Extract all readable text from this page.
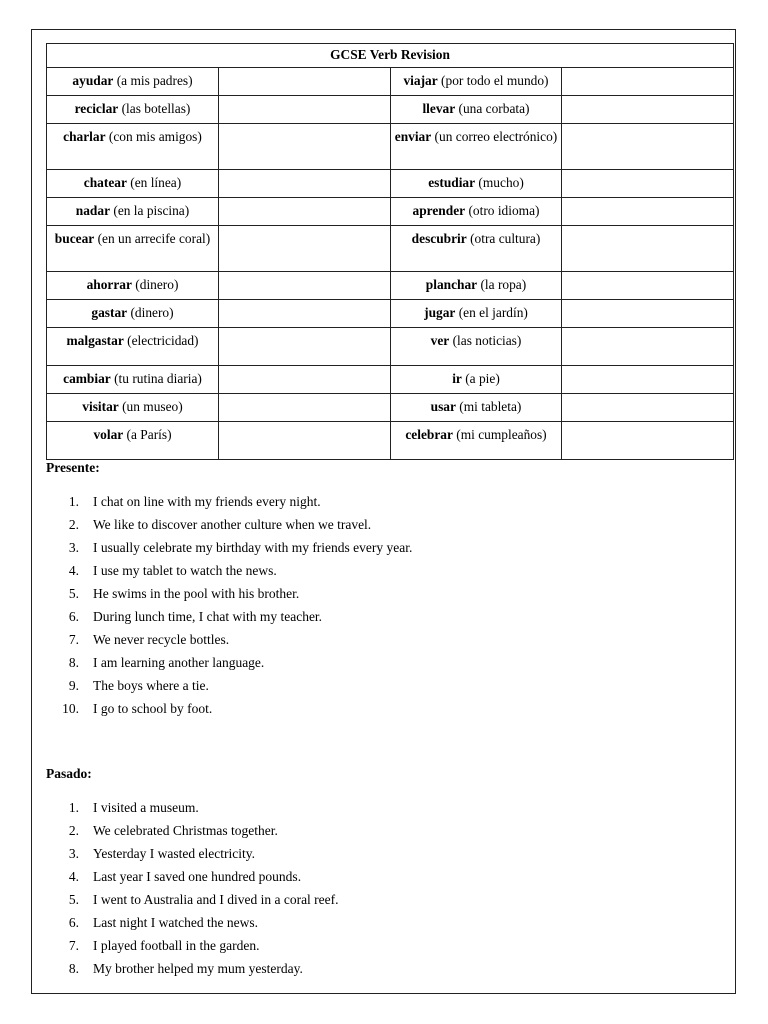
GCSE Verb Revision			
ayudar (a mis padres)		viajar (por todo el mundo)	
reciclar (las botellas)		llevar (una corbata)	
charlar (con mis amigos)		enviar (un correo electrónico)	
chatear (en línea)		estudiar (mucho)	
nadar (en la piscina)		aprender (otro idioma)	
bucear (en un arrecife coral)		descubrir (otra cultura)	
ahorrar (dinero)		planchar (la ropa)	
gastar (dinero)		jugar (en el jardín)	
malgastar (electricidad)		ver (las noticias)	
cambiar (tu rutina diaria)		ir (a pie)	
visitar (un museo)		usar (mi tableta)	
volar (a París)		celebrar (mi cumpleaños)	
Presente:
1. I chat on line with my friends every night.
2. We like to discover another culture when we travel.
3. I usually celebrate my birthday with my friends every year.
4. I use my tablet to watch the news.
5. He swims in the pool with his brother.
6. During lunch time, I chat with my teacher.
7. We never recycle bottles.
8. I am learning another language.
9. The boys where a tie.
10. I go to school by foot.
Pasado:
1. I visited a museum.
2. We celebrated Christmas together.
3. Yesterday I wasted electricity.
4. Last year I saved one hundred pounds.
5. I went to Australia and I dived in a coral reef.
6. Last night I watched the news.
7. I played football in the garden.
8. My brother helped my mum yesterday.
